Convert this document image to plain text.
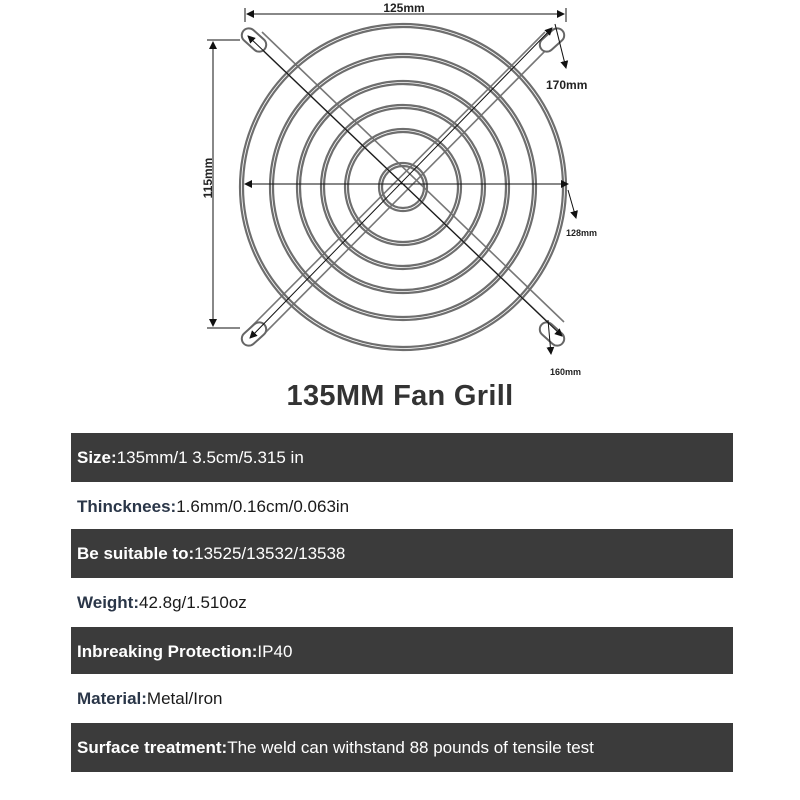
125mm
115mm
128mm
170mm
160mm
135MM Fan Grill
Size: 135mm/1 3.5cm/5.315 in
Thincknees: 1.6mm/0.16cm/0.063in
Be suitable to: 13525/13532/13538
Weight: 42.8g/1.510oz
Inbreaking Protection: IP40
Material: Metal/Iron
Surface treatment: The weld can withstand 88 pounds of tensile test
